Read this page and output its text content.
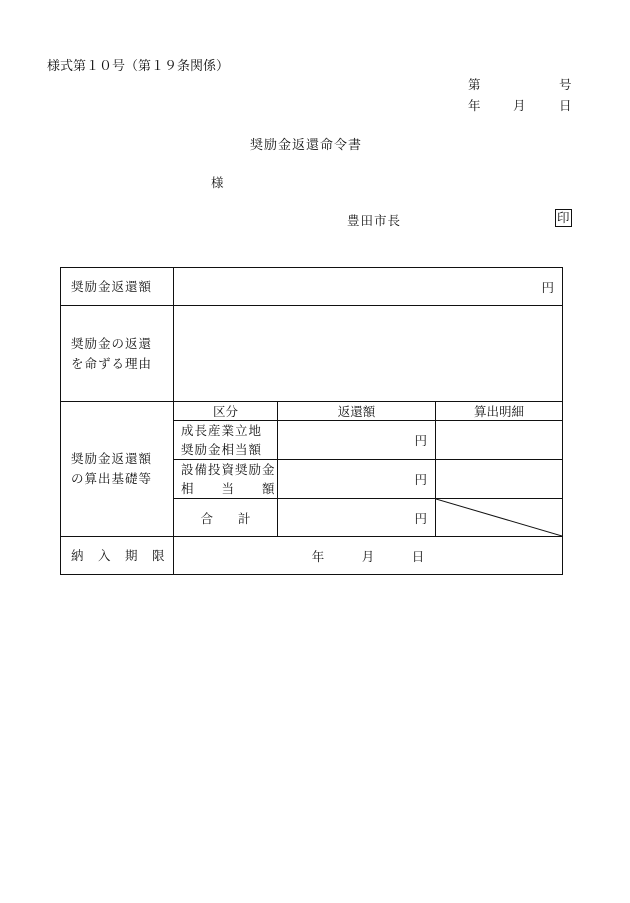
様式第１０号（第１９条関係）
第	号
年	月	日
奨励金返還命令書
様
豊田市長	印
奨励金返還額	円		

奨励金の返還
を命ずる理由			

奨励金返還額
の算出基礎等	区分	返還額	算出明細

	成長産業立地
奨励金相当額	円	

	設備投資奨励金
相　　当　　額	円	
	合　　計	円	

納　入　期　限	年　　　月　　　日		
